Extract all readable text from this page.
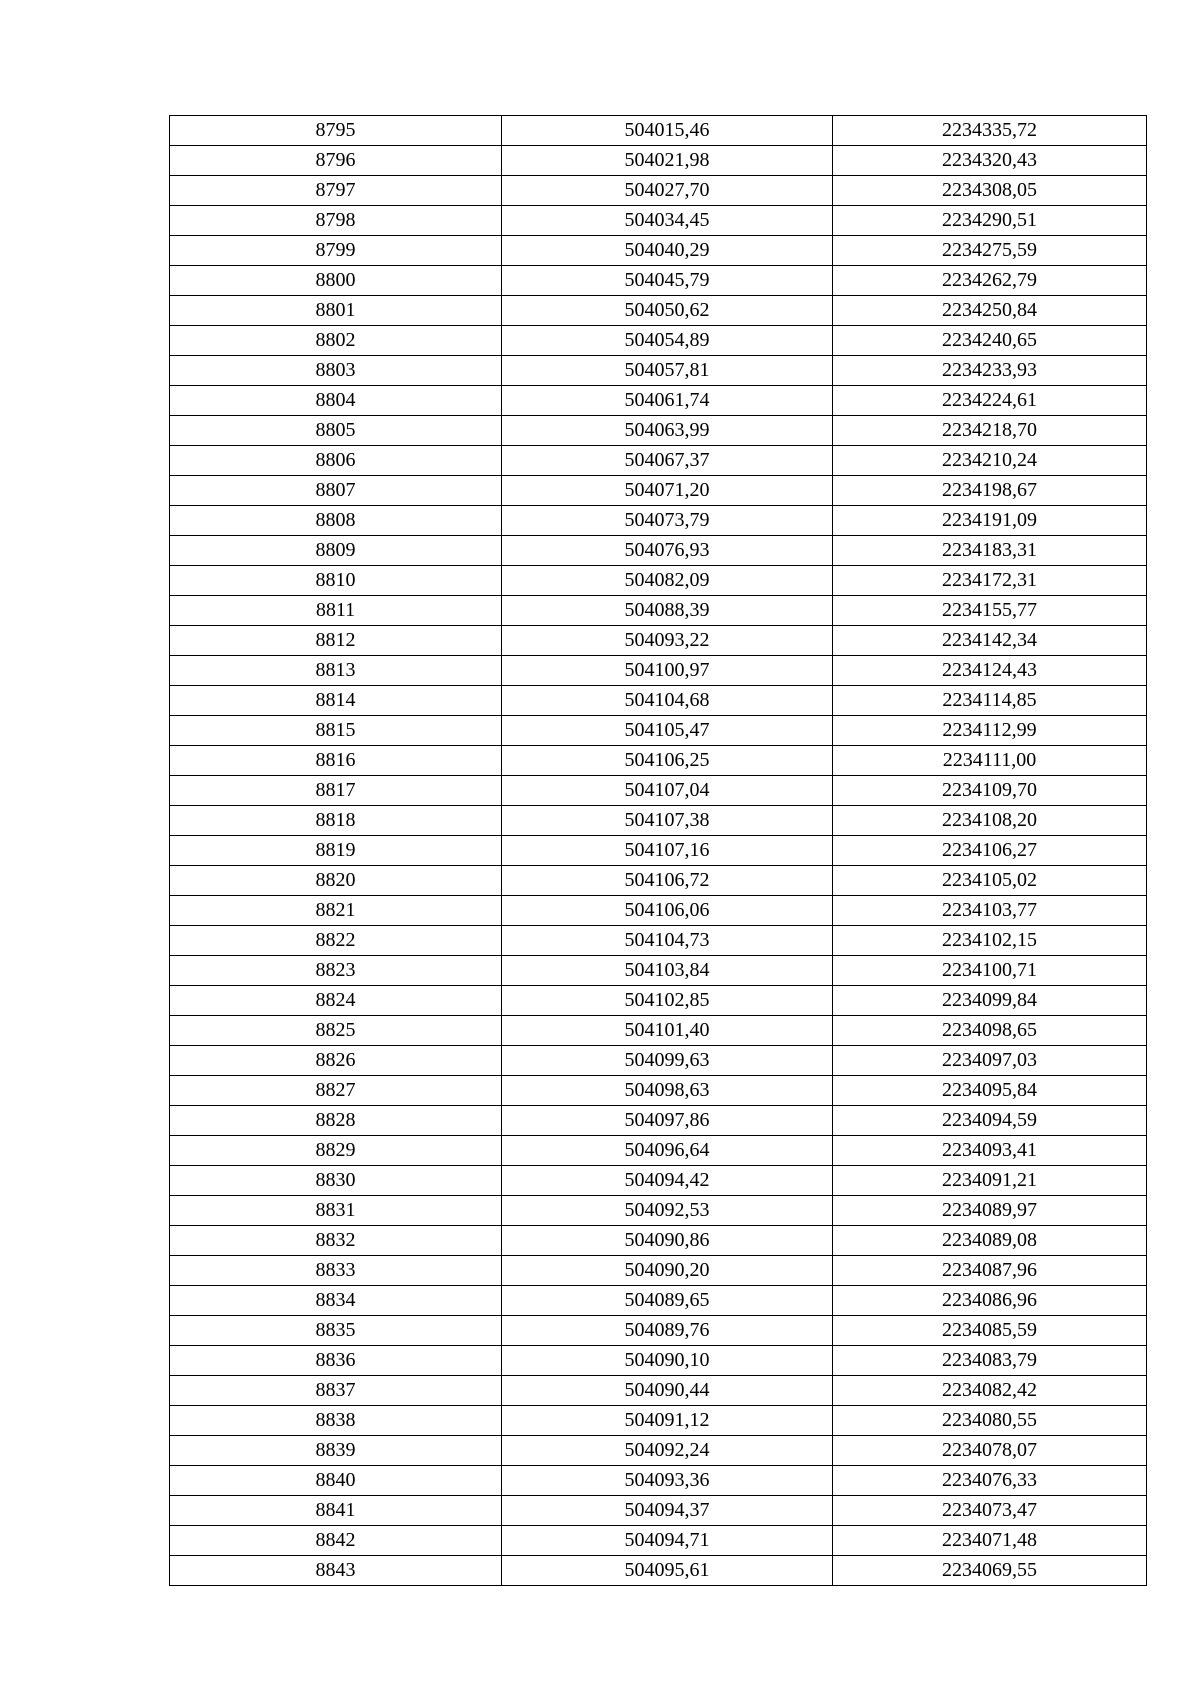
8795	504015,46	2234335,72
8796	504021,98	2234320,43
8797	504027,70	2234308,05
8798	504034,45	2234290,51
8799	504040,29	2234275,59
8800	504045,79	2234262,79
8801	504050,62	2234250,84
8802	504054,89	2234240,65
8803	504057,81	2234233,93
8804	504061,74	2234224,61
8805	504063,99	2234218,70
8806	504067,37	2234210,24
8807	504071,20	2234198,67
8808	504073,79	2234191,09
8809	504076,93	2234183,31
8810	504082,09	2234172,31
8811	504088,39	2234155,77
8812	504093,22	2234142,34
8813	504100,97	2234124,43
8814	504104,68	2234114,85
8815	504105,47	2234112,99
8816	504106,25	2234111,00
8817	504107,04	2234109,70
8818	504107,38	2234108,20
8819	504107,16	2234106,27
8820	504106,72	2234105,02
8821	504106,06	2234103,77
8822	504104,73	2234102,15
8823	504103,84	2234100,71
8824	504102,85	2234099,84
8825	504101,40	2234098,65
8826	504099,63	2234097,03
8827	504098,63	2234095,84
8828	504097,86	2234094,59
8829	504096,64	2234093,41
8830	504094,42	2234091,21
8831	504092,53	2234089,97
8832	504090,86	2234089,08
8833	504090,20	2234087,96
8834	504089,65	2234086,96
8835	504089,76	2234085,59
8836	504090,10	2234083,79
8837	504090,44	2234082,42
8838	504091,12	2234080,55
8839	504092,24	2234078,07
8840	504093,36	2234076,33
8841	504094,37	2234073,47
8842	504094,71	2234071,48
8843	504095,61	2234069,55
